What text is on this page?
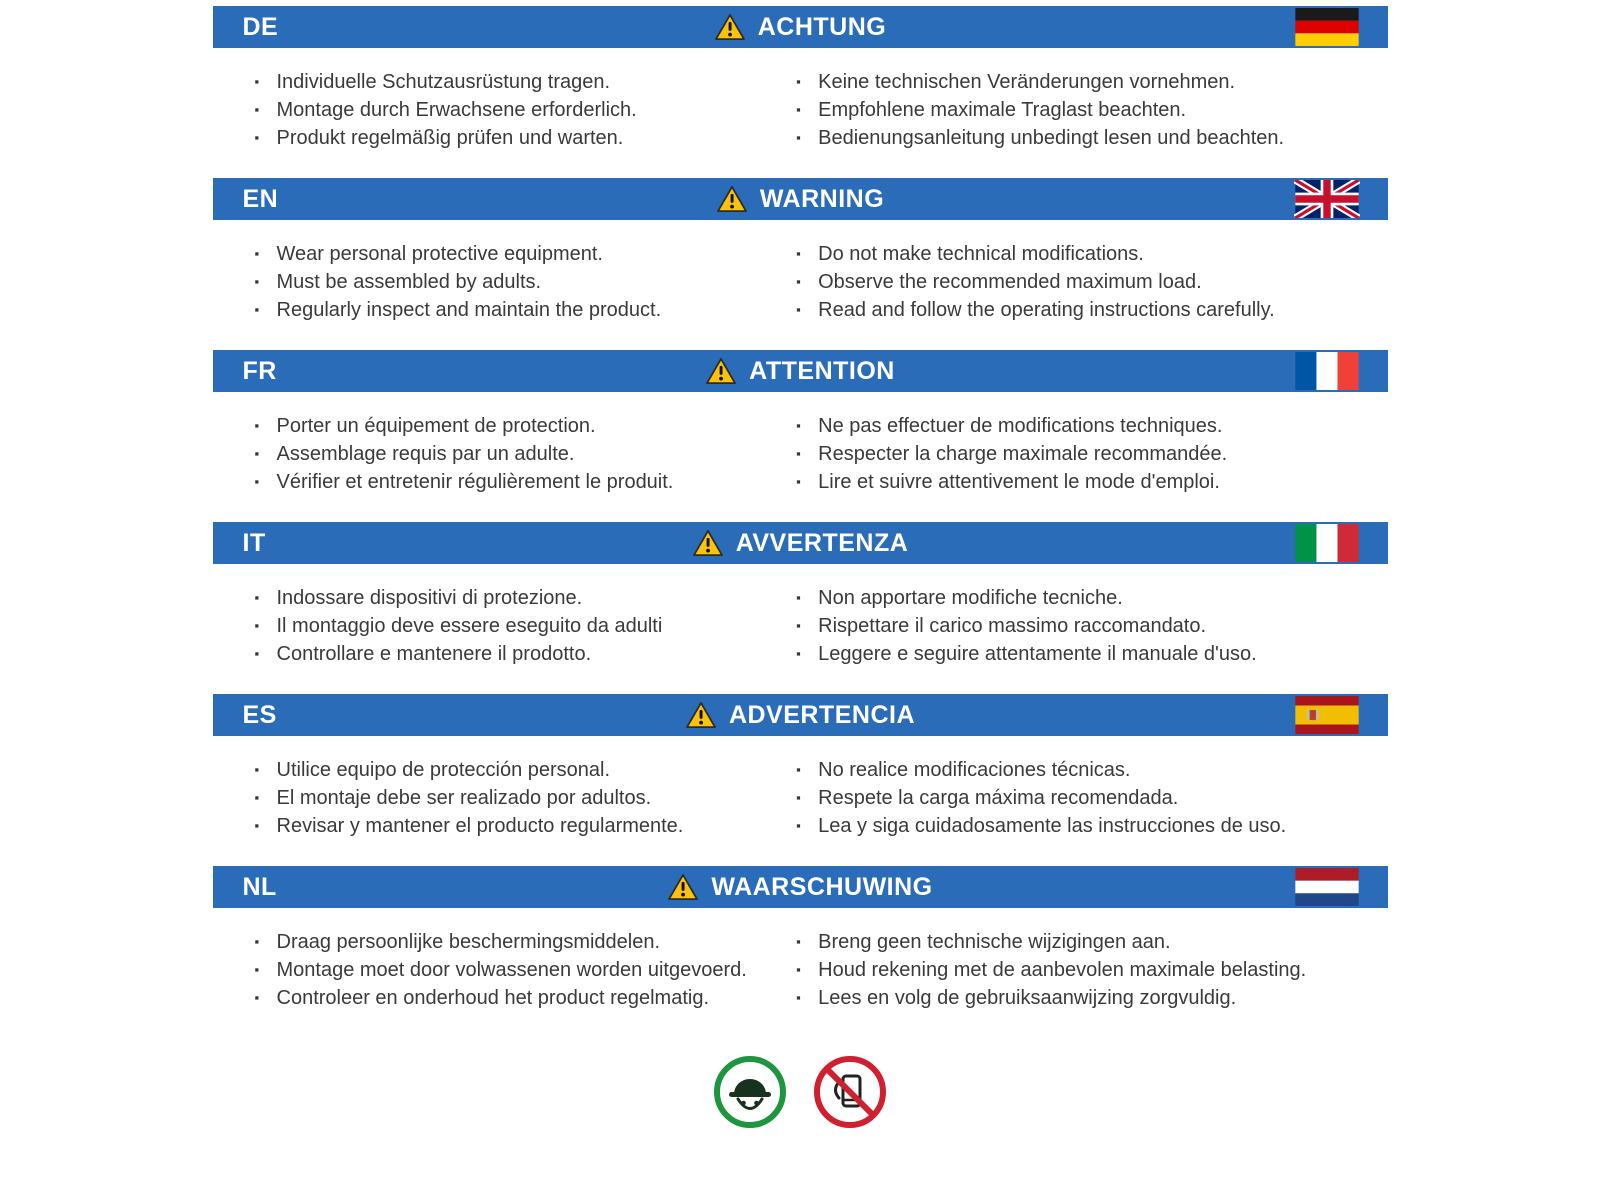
DE	ACHTUNG
▪ Individuelle Schutzausrüstung tragen.
▪ Montage durch Erwachsene erforderlich.
▪ Produkt regelmäßig prüfen und warten.
▪ Keine technischen Veränderungen vornehmen.
▪ Empfohlene maximale Traglast beachten.
▪ Bedienungsanleitung unbedingt lesen und beachten.
EN	WARNING
▪ Wear personal protective equipment.
▪ Must be assembled by adults.
▪ Regularly inspect and maintain the product.
▪ Do not make technical modifications.
▪ Observe the recommended maximum load.
▪ Read and follow the operating instructions carefully.
FR	ATTENTION
▪ Porter un équipement de protection.
▪ Assemblage requis par un adulte.
▪ Vérifier et entretenir régulièrement le produit.
▪ Ne pas effectuer de modifications techniques.
▪ Respecter la charge maximale recommandée.
▪ Lire et suivre attentivement le mode d'emploi.
IT	AVVERTENZA
▪ Indossare dispositivi di protezione.
▪ Il montaggio deve essere eseguito da adulti
▪ Controllare e mantenere il prodotto.
▪ Non apportare modifiche tecniche.
▪ Rispettare il carico massimo raccomandato.
▪ Leggere e seguire attentamente il manuale d'uso.
ES	ADVERTENCIA
▪ Utilice equipo de protección personal.
▪ El montaje debe ser realizado por adultos.
▪ Revisar y mantener el producto regularmente.
▪ No realice modificaciones técnicas.
▪ Respete la carga máxima recomendada.
▪ Lea y siga cuidadosamente las instrucciones de uso.
NL	WAARSCHUWING
▪ Draag persoonlijke beschermingsmiddelen.
▪ Montage moet door volwassenen worden uitgevoerd.
▪ Controleer en onderhoud het product regelmatig.
▪ Breng geen technische wijzigingen aan.
▪ Houd rekening met de aanbevolen maximale belasting.
▪ Lees en volg de gebruiksaanwijzing zorgvuldig.
